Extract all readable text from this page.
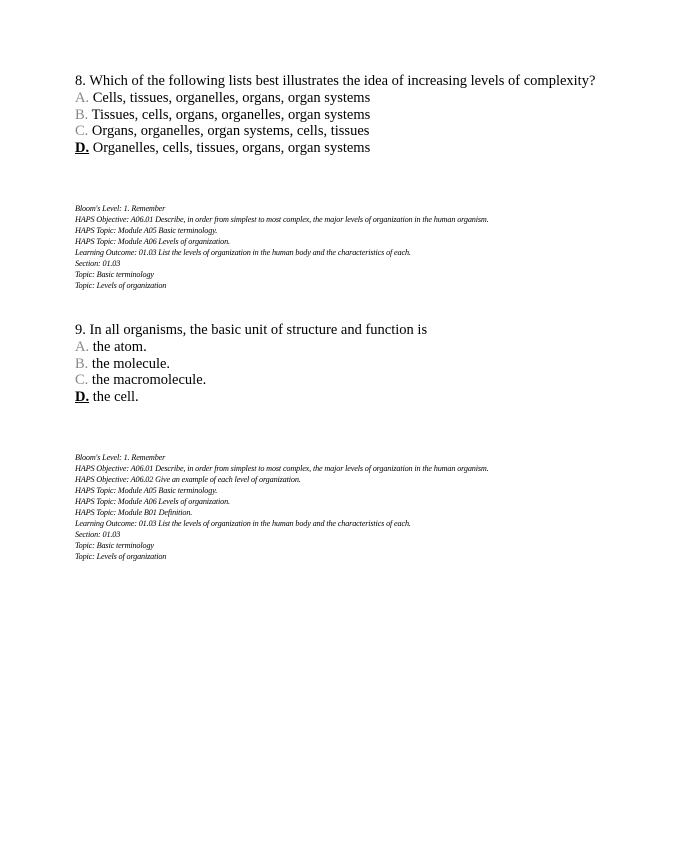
8. Which of the following lists best illustrates the idea of increasing levels of complexity?

A. Cells, tissues, organelles, organs, organ systems

B. Tissues, cells, organs, organelles, organ systems

C. Organs, organelles, organ systems, cells, tissues

D. Organelles, cells, tissues, organs, organ systems

Bloom's Level: 1. Remember
HAPS Objective: A06.01 Describe, in order from simplest to most complex, the major levels of organization in the human organism.
HAPS Topic: Module A05 Basic terminology.
HAPS Topic: Module A06 Levels of organization.
Learning Outcome: 01.03 List the levels of organization in the human body and the characteristics of each.
Section: 01.03
Topic: Basic terminology
Topic: Levels of organization

9. In all organisms, the basic unit of structure and function is

A. the atom.

B. the molecule.

C. the macromolecule.

D. the cell.

Bloom's Level: 1. Remember
HAPS Objective: A06.01 Describe, in order from simplest to most complex, the major levels of organization in the human organism.
HAPS Objective: A06.02 Give an example of each level of organization.
HAPS Topic: Module A05 Basic terminology.
HAPS Topic: Module A06 Levels of organization.
HAPS Topic: Module B01 Definition.
Learning Outcome: 01.03 List the levels of organization in the human body and the characteristics of each.
Section: 01.03
Topic: Basic terminology
Topic: Levels of organization
